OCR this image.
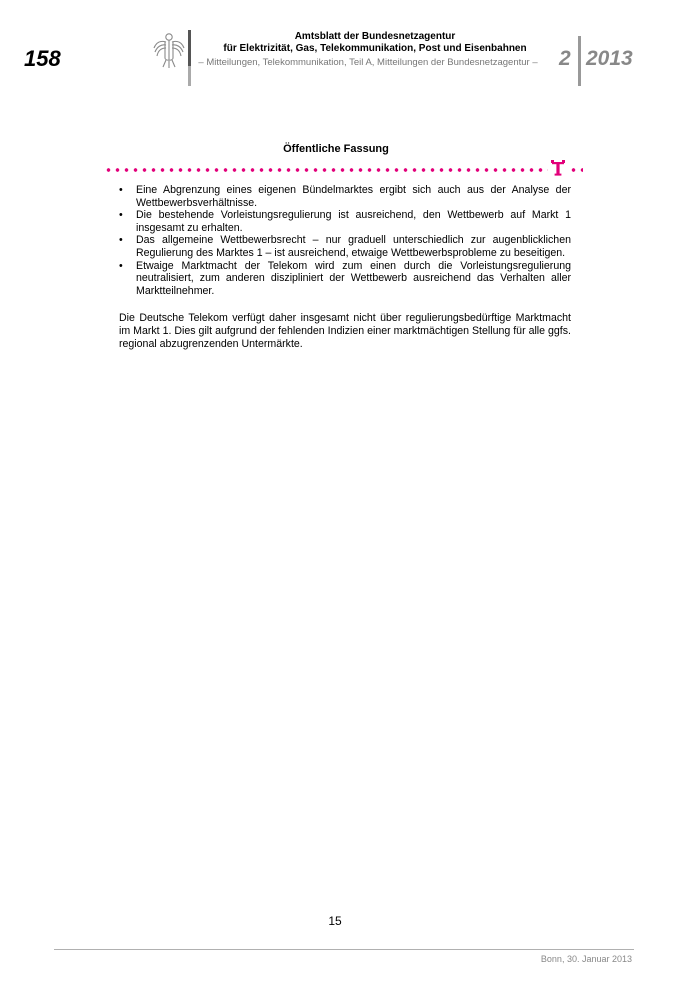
158
Amtsblatt der Bundesnetzagentur
für Elektrizität, Gas, Telekommunikation, Post und Eisenbahnen
– Mitteilungen, Telekommunikation, Teil A, Mitteilungen der Bundesnetzagentur – 2 2013
Öffentliche Fassung
• Eine Abgrenzung eines eigenen Bündelmarktes ergibt sich auch aus der Analyse der Wettbewerbsverhältnisse.
• Die bestehende Vorleistungsregulierung ist ausreichend, den Wettbewerb auf Markt 1 insgesamt zu erhalten.
• Das allgemeine Wettbewerbsrecht – nur graduell unterschiedlich zur augenblicklichen Regulierung des Marktes 1 – ist ausreichend, etwaige Wettbewerbsprobleme zu beseitigen.
• Etwaige Marktmacht der Telekom wird zum einen durch die Vorleistungsregulierung neutralisiert, zum anderen diszipliniert der Wettbewerb ausreichend das Verhalten aller Marktteilnehmer.

Die Deutsche Telekom verfügt daher insgesamt nicht über regulierungsbedürftige Marktmacht im Markt 1. Dies gilt aufgrund der fehlenden Indizien einer marktmächtigen Stellung für alle ggfs. regional abzugrenzenden Untermärkte.

15
Bonn, 30. Januar 2013
